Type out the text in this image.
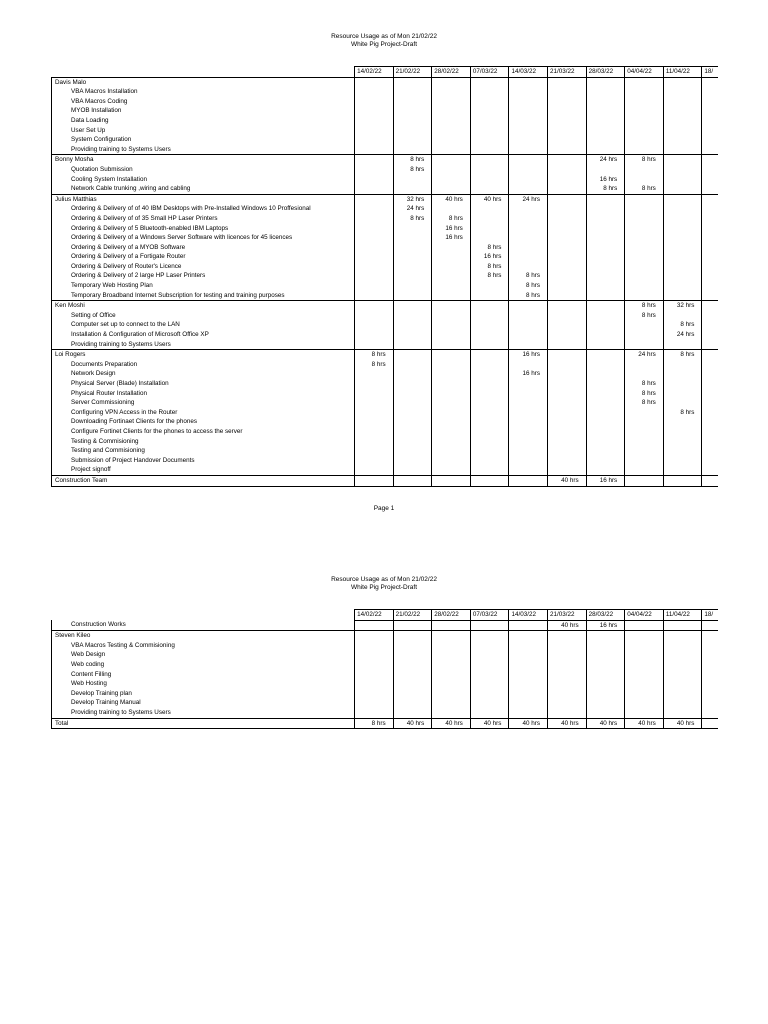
Resource Usage as of Mon 21/02/22
White Pig Project-Draft
	14/02/22	21/02/22	28/02/22	07/03/22	14/03/22	21/03/22	28/03/22	04/04/22	11/04/22	18/
Davis Malo										
VBA Macros Installation										
VBA Macros Coding										
MYOB Installation										
Data Loading										
User Set Up										
System Configuration										
Providing training to Systems Users										
Bonny Mosha		8 hrs					24 hrs	8 hrs		
Quotation Submission		8 hrs								
Cooling System Installation							16 hrs			
Network Cable trunking ,wiring and cabling							8 hrs	8 hrs		
Julius Matthias		32 hrs	40 hrs	40 hrs	24 hrs					
Ordering & Delivery of of 40 IBM Desktops with Pre-Installed Windows 10 Proffesional		24 hrs								
Ordering & Delivery of of 35 Small HP Laser Printers		8 hrs	8 hrs							
Ordering & Delivery of 5 Bluetooth-enabled IBM Laptops			16 hrs							
Ordering & Delivery of a Windows Server Software with licences for 45 licences			16 hrs							
Ordering & Delivery of a MYOB Software				8 hrs						
Ordering & Delivery of a Fortigate Router				16 hrs						
Ordering & Delivery of Router's Licence				8 hrs						
Ordering & Delivery of 2 large HP Laser Printers				8 hrs	8 hrs					
Temporary Web Hosting Plan					8 hrs					
Temporary Broadband Internet Subscription for testing and training purposes					8 hrs					
Ken Moshi								8 hrs	32 hrs	
Setting of Office								8 hrs		
Computer set up to connect to the LAN									8 hrs	
Installation & Configuration of Microsoft Office XP									24 hrs	
Providing training to Systems Users										
Loi Rogers	8 hrs				16 hrs			24 hrs	8 hrs	
Documents Preparation	8 hrs									
Network Design					16 hrs					
Physical Server (Blade) Installation								8 hrs		
Physical Router Installation								8 hrs		
Server Commissioning								8 hrs		
Configuring VPN Access in the Router									8 hrs	
Downloading Fortinaet Clients for the phones										
Configure Fortinet Clients for the phones to access the server										
Testing & Commisioning										
Testing and Commisioning										
Submission of Project Handover Documents										
Project signoff										
Construction Team						40 hrs	16 hrs			
Page 1
Resource Usage as of Mon 21/02/22
White Pig Project-Draft
	14/02/22	21/02/22	28/02/22	07/03/22	14/03/22	21/03/22	28/03/22	04/04/22	11/04/22	18/
Construction Works						40 hrs	16 hrs			
Steven Kileo										
VBA Macros Testing & Commisioning										
Web Design										
Web coding										
Content Filling										
Web Hosting										
Develop Training plan										
Develop Training Manual										
Providing training to Systems Users										
Total	8 hrs	40 hrs	40 hrs	40 hrs	40 hrs	40 hrs	40 hrs	40 hrs	40 hrs	
